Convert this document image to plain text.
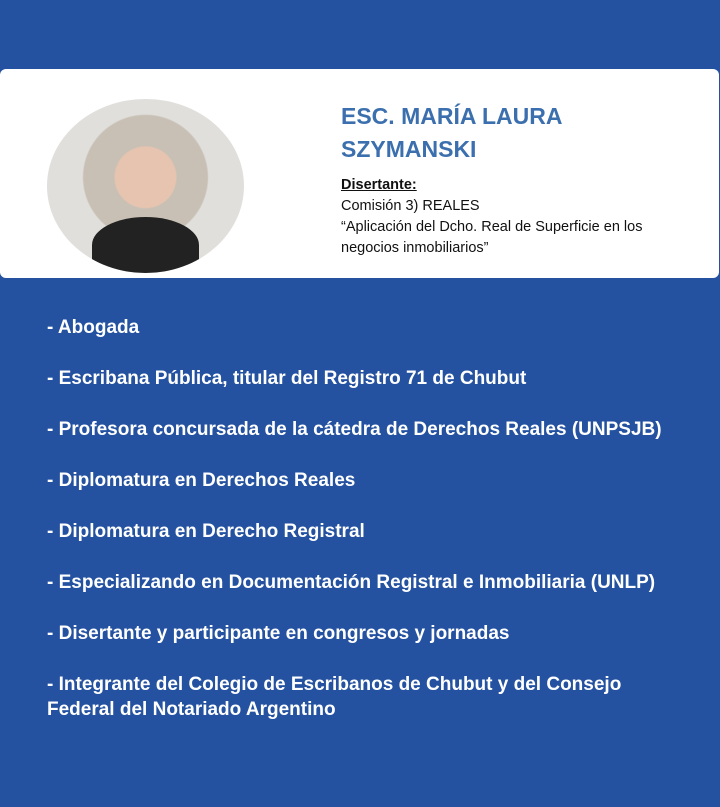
ESC. MARÍA LAURA
SZYMANSKI
Disertante:
Comisión 3) REALES
“Aplicación del Dcho. Real de Superficie en los negocios inmobiliarios”

- Abogada

- Escribana Pública, titular del Registro 71 de Chubut

- Profesora concursada de la cátedra de Derechos Reales (UNPSJB)

- Diplomatura en Derechos Reales

- Diplomatura en Derecho Registral

- Especializando en Documentación Registral e Inmobiliaria (UNLP)

- Disertante y participante en congresos y jornadas

- Integrante del Colegio de Escribanos de Chubut y del Consejo Federal del Notariado Argentino
